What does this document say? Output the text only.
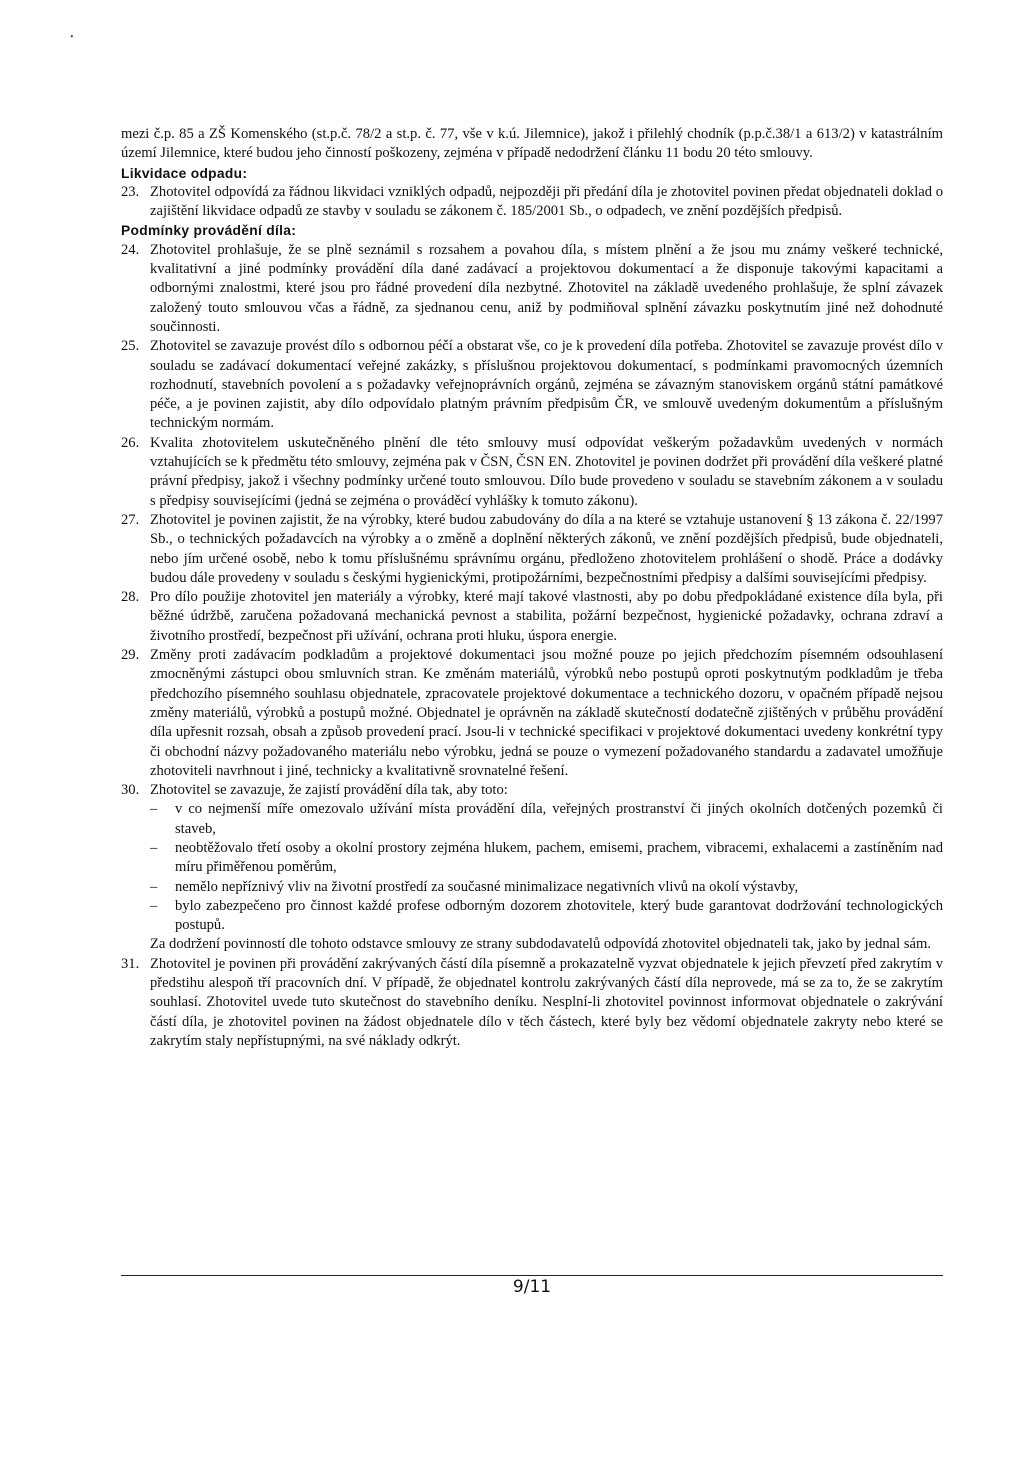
•

mezi č.p. 85 a ZŠ Komenského (st.p.č. 78/2 a st.p. č. 77, vše v k.ú. Jilemnice), jakož i přilehlý chodník (p.p.č.38/1 a 613/2) v katastrálním území Jilemnice, které budou jeho činností poškozeny, zejména v případě nedodržení článku 11 bodu 20 této smlouvy.

Likvidace odpadu:

23. Zhotovitel odpovídá za řádnou likvidaci vzniklých odpadů, nejpozději při předání díla je zhotovitel povinen předat objednateli doklad o zajištění likvidace odpadů ze stavby v souladu se zákonem č. 185/2001 Sb., o odpadech, ve znění pozdějších předpisů.

Podmínky provádění díla:

24. Zhotovitel prohlašuje, že se plně seznámil s rozsahem a povahou díla, s místem plnění a že jsou mu známy veškeré technické, kvalitativní a jiné podmínky provádění díla dané zadávací a projektovou dokumentací a že disponuje takovými kapacitami a odbornými znalostmi, které jsou pro řádné provedení díla nezbytné. Zhotovitel na základě uvedeného prohlašuje, že splní závazek založený touto smlouvou včas a řádně, za sjednanou cenu, aniž by podmiňoval splnění závazku poskytnutím jiné než dohodnuté součinnosti.
25. Zhotovitel se zavazuje provést dílo s odbornou péčí a obstarat vše, co je k provedení díla potřeba. Zhotovitel se zavazuje provést dílo v souladu se zadávací dokumentací veřejné zakázky, s příslušnou projektovou dokumentací, s podmínkami pravomocných územních rozhodnutí, stavebních povolení a s požadavky veřejnoprávních orgánů, zejména se závazným stanoviskem orgánů státní památkové péče, a je povinen zajistit, aby dílo odpovídalo platným právním předpisům ČR, ve smlouvě uvedeným dokumentům a příslušným technickým normám.
26. Kvalita zhotovitelem uskutečněného plnění dle této smlouvy musí odpovídat veškerým požadavkům uvedených v normách vztahujících se k předmětu této smlouvy, zejména pak v ČSN, ČSN EN. Zhotovitel je povinen dodržet při provádění díla veškeré platné právní předpisy, jakož i všechny podmínky určené touto smlouvou. Dílo bude provedeno v souladu se stavebním zákonem a v souladu s předpisy souvisejícími (jedná se zejména o prováděcí vyhlášky k tomuto zákonu).
27. Zhotovitel je povinen zajistit, že na výrobky, které budou zabudovány do díla a na které se vztahuje ustanovení § 13 zákona č. 22/1997 Sb., o technických požadavcích na výrobky a o změně a doplnění některých zákonů, ve znění pozdějších předpisů, bude objednateli, nebo jím určené osobě, nebo k tomu příslušnému správnímu orgánu, předloženo zhotovitelem prohlášení o shodě. Práce a dodávky budou dále provedeny v souladu s českými hygienickými, protipožárními, bezpečnostními předpisy a dalšími souvisejícími předpisy.
28. Pro dílo použije zhotovitel jen materiály a výrobky, které mají takové vlastnosti, aby po dobu předpokládané existence díla byla, při běžné údržbě, zaručena požadovaná mechanická pevnost a stabilita, požární bezpečnost, hygienické požadavky, ochrana zdraví a životního prostředí, bezpečnost při užívání, ochrana proti hluku, úspora energie.
29. Změny proti zadávacím podkladům a projektové dokumentaci jsou možné pouze po jejich předchozím písemném odsouhlasení zmocněnými zástupci obou smluvních stran. Ke změnám materiálů, výrobků nebo postupů oproti poskytnutým podkladům je třeba předchozího písemného souhlasu objednatele, zpracovatele projektové dokumentace a technického dozoru, v opačném případě nejsou změny materiálů, výrobků a postupů možné. Objednatel je oprávněn na základě skutečností dodatečně zjištěných v průběhu provádění díla upřesnit rozsah, obsah a způsob provedení prací. Jsou-li v technické specifikaci v projektové dokumentaci uvedeny konkrétní typy či obchodní názvy požadovaného materiálu nebo výrobku, jedná se pouze o vymezení požadovaného standardu a zadavatel umožňuje zhotoviteli navrhnout i jiné, technicky a kvalitativně srovnatelné řešení.
30. Zhotovitel se zavazuje, že zajistí provádění díla tak, aby toto:
– v co nejmenší míře omezovalo užívání místa provádění díla, veřejných prostranství či jiných okolních dotčených pozemků či staveb,
– neobtěžovalo třetí osoby a okolní prostory zejména hlukem, pachem, emisemi, prachem, vibracemi, exhalacemi a zastíněním nad míru přiměřenou poměrům,
– nemělo nepříznivý vliv na životní prostředí za současné minimalizace negativních vlivů na okolí výstavby,
– bylo zabezpečeno pro činnost každé profese odborným dozorem zhotovitele, který bude garantovat dodržování technologických postupů.
Za dodržení povinností dle tohoto odstavce smlouvy ze strany subdodavatelů odpovídá zhotovitel objednateli tak, jako by jednal sám.
31. Zhotovitel je povinen při provádění zakrývaných částí díla písemně a prokazatelně vyzvat objednatele k jejich převzetí před zakrytím v předstihu alespoň tří pracovních dní. V případě, že objednatel kontrolu zakrývaných částí díla neprovede, má se za to, že se zakrytím souhlasí. Zhotovitel uvede tuto skutečnost do stavebního deníku. Nesplní-li zhotovitel povinnost informovat objednatele o zakrývání částí díla, je zhotovitel povinen na žádost objednatele dílo v těch částech, které byly bez vědomí objednatele zakryty nebo které se zakrytím staly nepřístupnými, na své náklady odkrýt.
9/11
